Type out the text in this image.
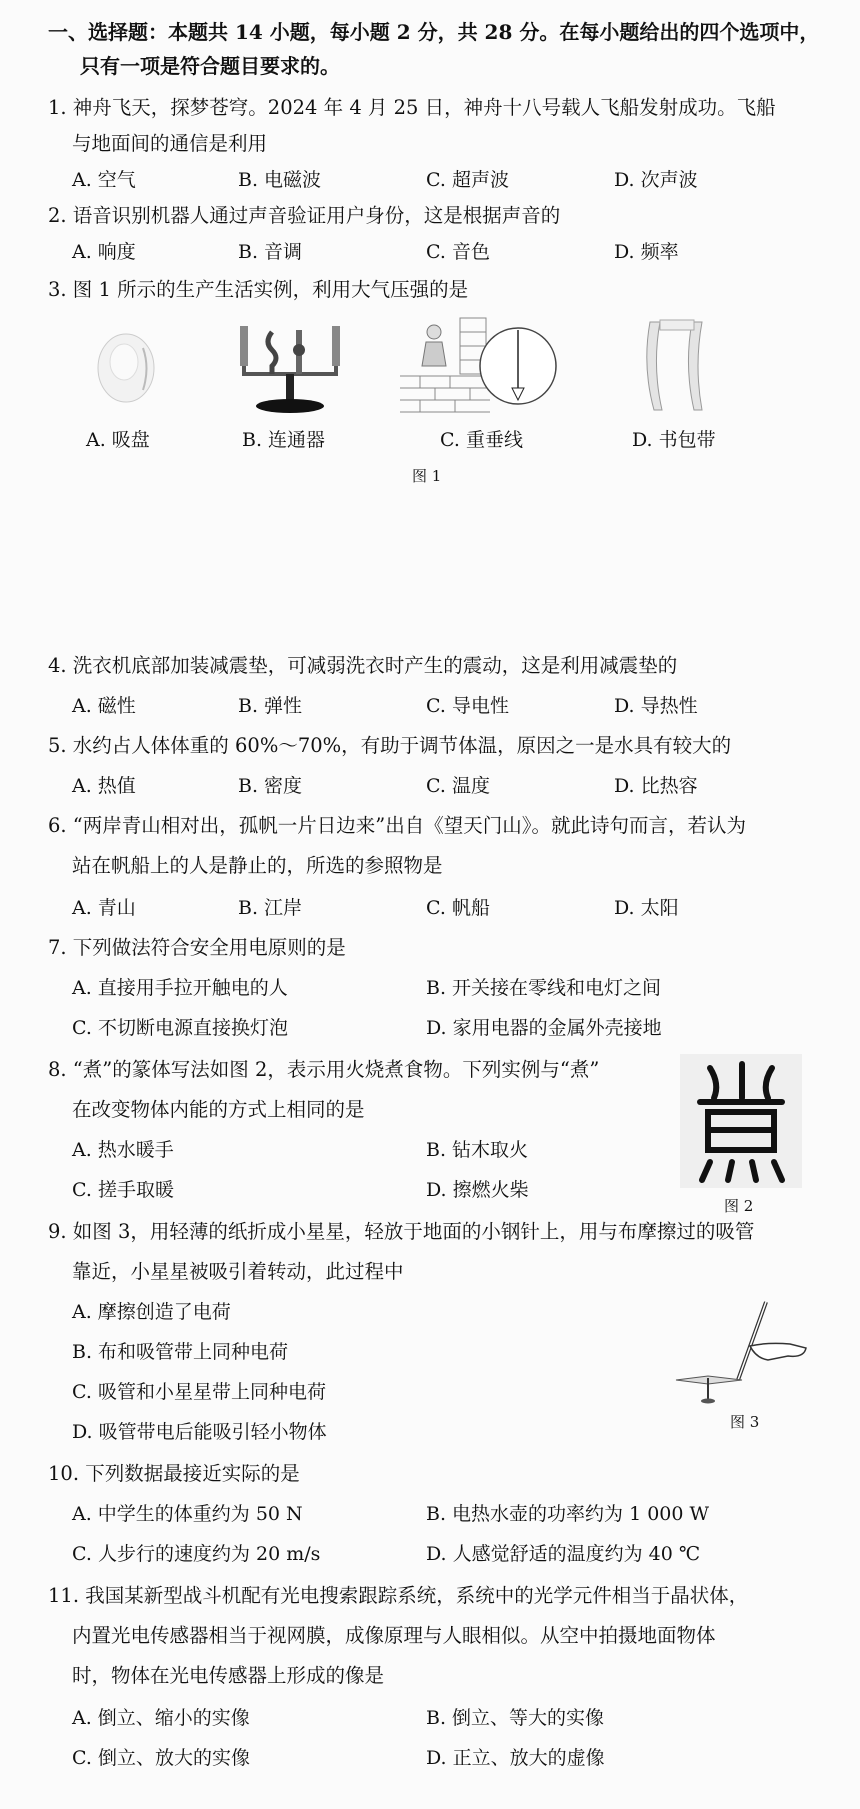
一、选择题：本题共 14 小题，每小题 2 分，共 28 分。在每小题给出的四个选项中，
只有一项是符合题目要求的。
1. 神舟飞天，探梦苍穹。2024 年 4 月 25 日，神舟十八号载人飞船发射成功。飞船
与地面间的通信是利用
A. 空气	B. 电磁波	C. 超声波	D. 次声波
2. 语音识别机器人通过声音验证用户身份，这是根据声音的
A. 响度	B. 音调	C. 音色	D. 频率
3. 图 1 所示的生产生活实例，利用大气压强的是
A. 吸盘	B. 连通器	C. 重垂线	D. 书包带
图 1
4. 洗衣机底部加装减震垫，可减弱洗衣时产生的震动，这是利用减震垫的
A. 磁性	B. 弹性	C. 导电性	D. 导热性
5. 水约占人体体重的 60%～70%，有助于调节体温，原因之一是水具有较大的
A. 热值	B. 密度	C. 温度	D. 比热容
6. “两岸青山相对出，孤帆一片日边来”出自《望天门山》。就此诗句而言，若认为
站在帆船上的人是静止的，所选的参照物是
A. 青山	B. 江岸	C. 帆船	D. 太阳
7. 下列做法符合安全用电原则的是
A. 直接用手拉开触电的人	B. 开关接在零线和电灯之间
C. 不切断电源直接换灯泡	D. 家用电器的金属外壳接地
8. “煮”的篆体写法如图 2，表示用火烧煮食物。下列实例与“煮”
在改变物体内能的方式上相同的是
A. 热水暖手	B. 钻木取火
C. 搓手取暖	D. 擦燃火柴
图 2
9. 如图 3，用轻薄的纸折成小星星，轻放于地面的小钢针上，用与布摩擦过的吸管
靠近，小星星被吸引着转动，此过程中
A. 摩擦创造了电荷
B. 布和吸管带上同种电荷
C. 吸管和小星星带上同种电荷
D. 吸管带电后能吸引轻小物体	图 3
10. 下列数据最接近实际的是
A. 中学生的体重约为 50 N	B. 电热水壶的功率约为 1 000 W
C. 人步行的速度约为 20 m/s	D. 人感觉舒适的温度约为 40 ℃
11. 我国某新型战斗机配有光电搜索跟踪系统，系统中的光学元件相当于晶状体，
内置光电传感器相当于视网膜，成像原理与人眼相似。从空中拍摄地面物体
时，物体在光电传感器上形成的像是
A. 倒立、缩小的实像	B. 倒立、等大的实像
C. 倒立、放大的实像	D. 正立、放大的虚像
